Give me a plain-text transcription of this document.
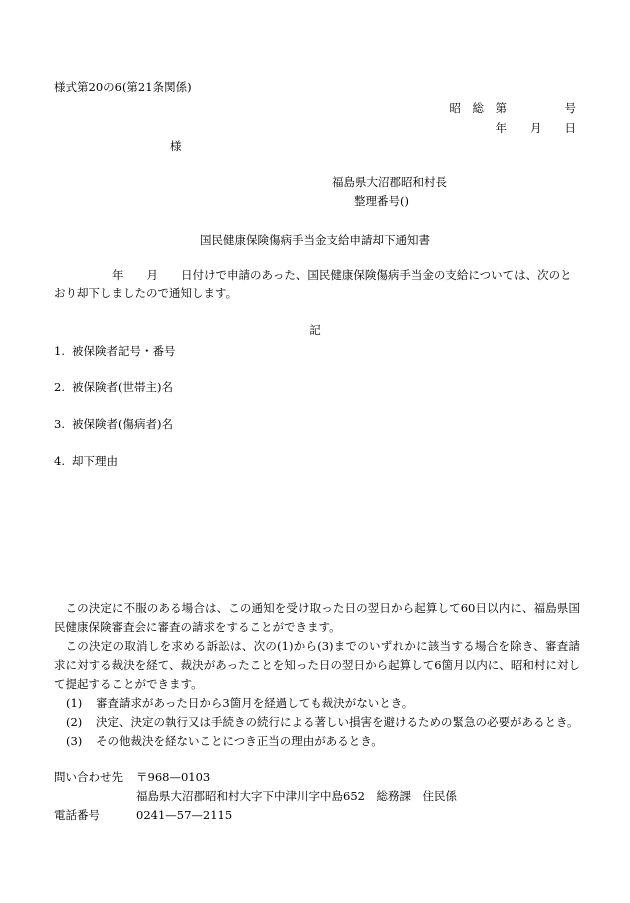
様式第20の6(第21条関係)
昭　総　第　　　　　号
年　　月　　日
様
福島県大沼郡昭和村長
整理番号()
国民健康保険傷病手当金支給申請却下通知書
年　　月　　日付けで申請のあった、国民健康保険傷病手当金の支給については、次のと
おり却下しましたので通知します。
記
1. 被保険者記号・番号
2. 被保険者(世帯主)名
3. 被保険者(傷病者)名
4. 却下理由
この決定に不服のある場合は、この通知を受け取った日の翌日から起算して60日以内に、福島県国民健康保険審査会に審査の請求をすることができます。
この決定の取消しを求める訴訟は、次の(1)から(3)までのいずれかに該当する場合を除き、審査請求に対する裁決を経て、裁決があったことを知った日の翌日から起算して6箇月以内に、昭和村に対して提起することができます。
(1) 審査請求があった日から3箇月を経過しても裁決がないとき。
(2) 決定、決定の執行又は手続きの続行による著しい損害を避けるための緊急の必要があるとき。
(3) その他裁決を経ないことにつき正当の理由があるとき。
問い合わせ先 〒968—0103
福島県大沼郡昭和村大字下中津川字中島652　総務課　住民係
電話番号	0241—57—2115
